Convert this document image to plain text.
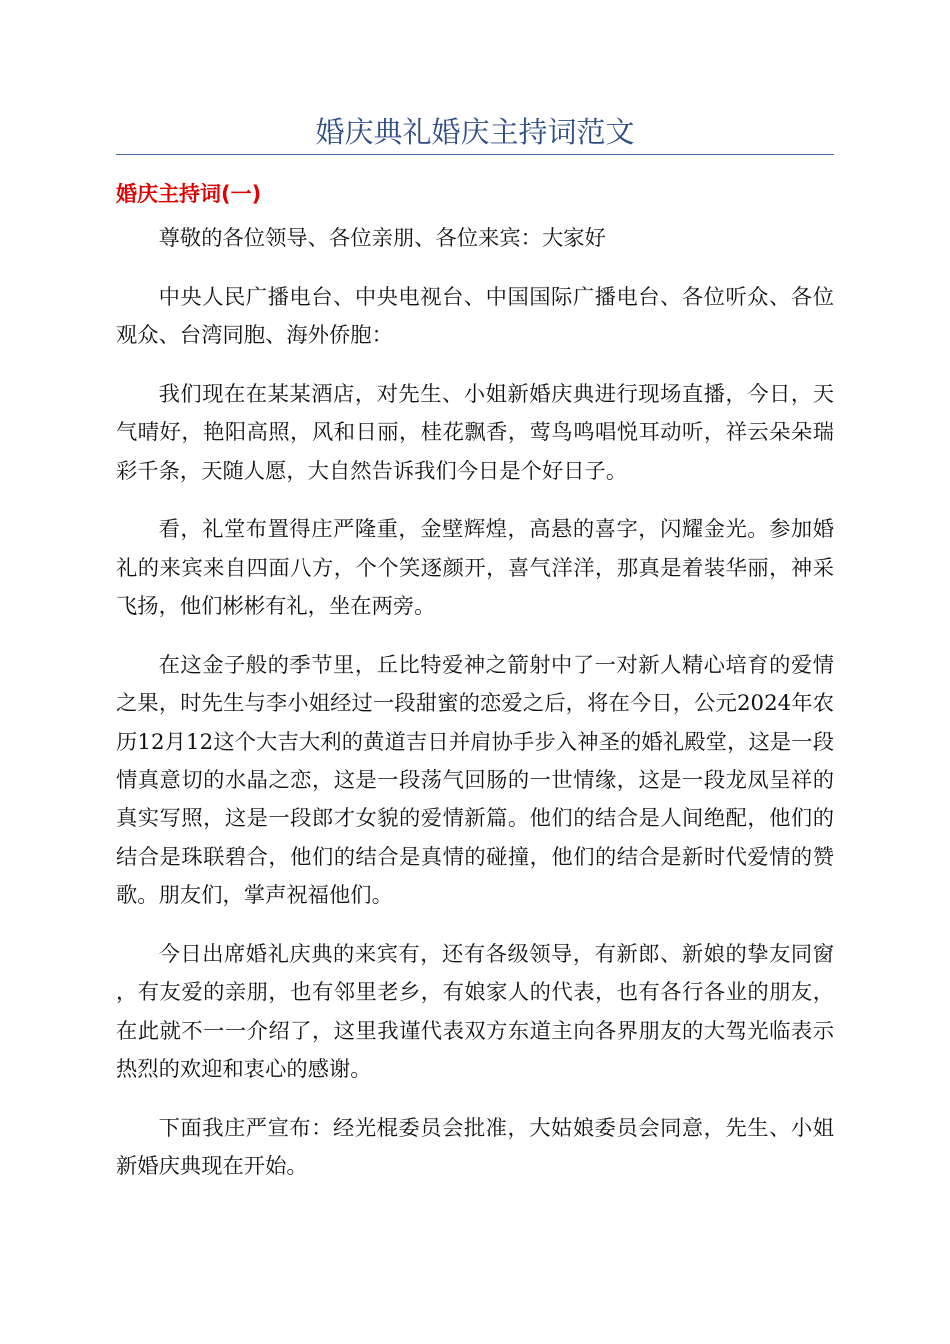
婚庆典礼婚庆主持词范文
婚庆主持词(一)

尊敬的各位领导、各位亲朋、各位来宾：大家好

中央人民广播电台、中央电视台、中国国际广播电台、各位听众、各位观众、台湾同胞、海外侨胞：

我们现在在某某酒店，对先生、小姐新婚庆典进行现场直播，今日，天气晴好，艳阳高照，风和日丽，桂花飘香，莺鸟鸣唱悦耳动听，祥云朵朵瑞彩千条，天随人愿，大自然告诉我们今日是个好日子。

看，礼堂布置得庄严隆重，金壁辉煌，高悬的喜字，闪耀金光。参加婚礼的来宾来自四面八方，个个笑逐颜开，喜气洋洋，那真是着装华丽，神采飞扬，他们彬彬有礼，坐在两旁。

在这金子般的季节里，丘比特爱神之箭射中了一对新人精心培育的爱情之果，时先生与李小姐经过一段甜蜜的恋爱之后，将在今日，公元2024年农历12月12这个大吉大利的黄道吉日并肩协手步入神圣的婚礼殿堂，这是一段情真意切的水晶之恋，这是一段荡气回肠的一世情缘，这是一段龙凤呈祥的真实写照，这是一段郎才女貌的爱情新篇。他们的结合是人间绝配，他们的结合是珠联碧合，他们的结合是真情的碰撞，他们的结合是新时代爱情的赞歌。朋友们，掌声祝福他们。

今日出席婚礼庆典的来宾有，还有各级领导，有新郎、新娘的挚友同窗，有友爱的亲朋，也有邻里老乡，有娘家人的代表，也有各行各业的朋友，在此就不一一介绍了，这里我谨代表双方东道主向各界朋友的大驾光临表示热烈的欢迎和衷心的感谢。

下面我庄严宣布：经光棍委员会批准，大姑娘委员会同意，先生、小姐新婚庆典现在开始。
